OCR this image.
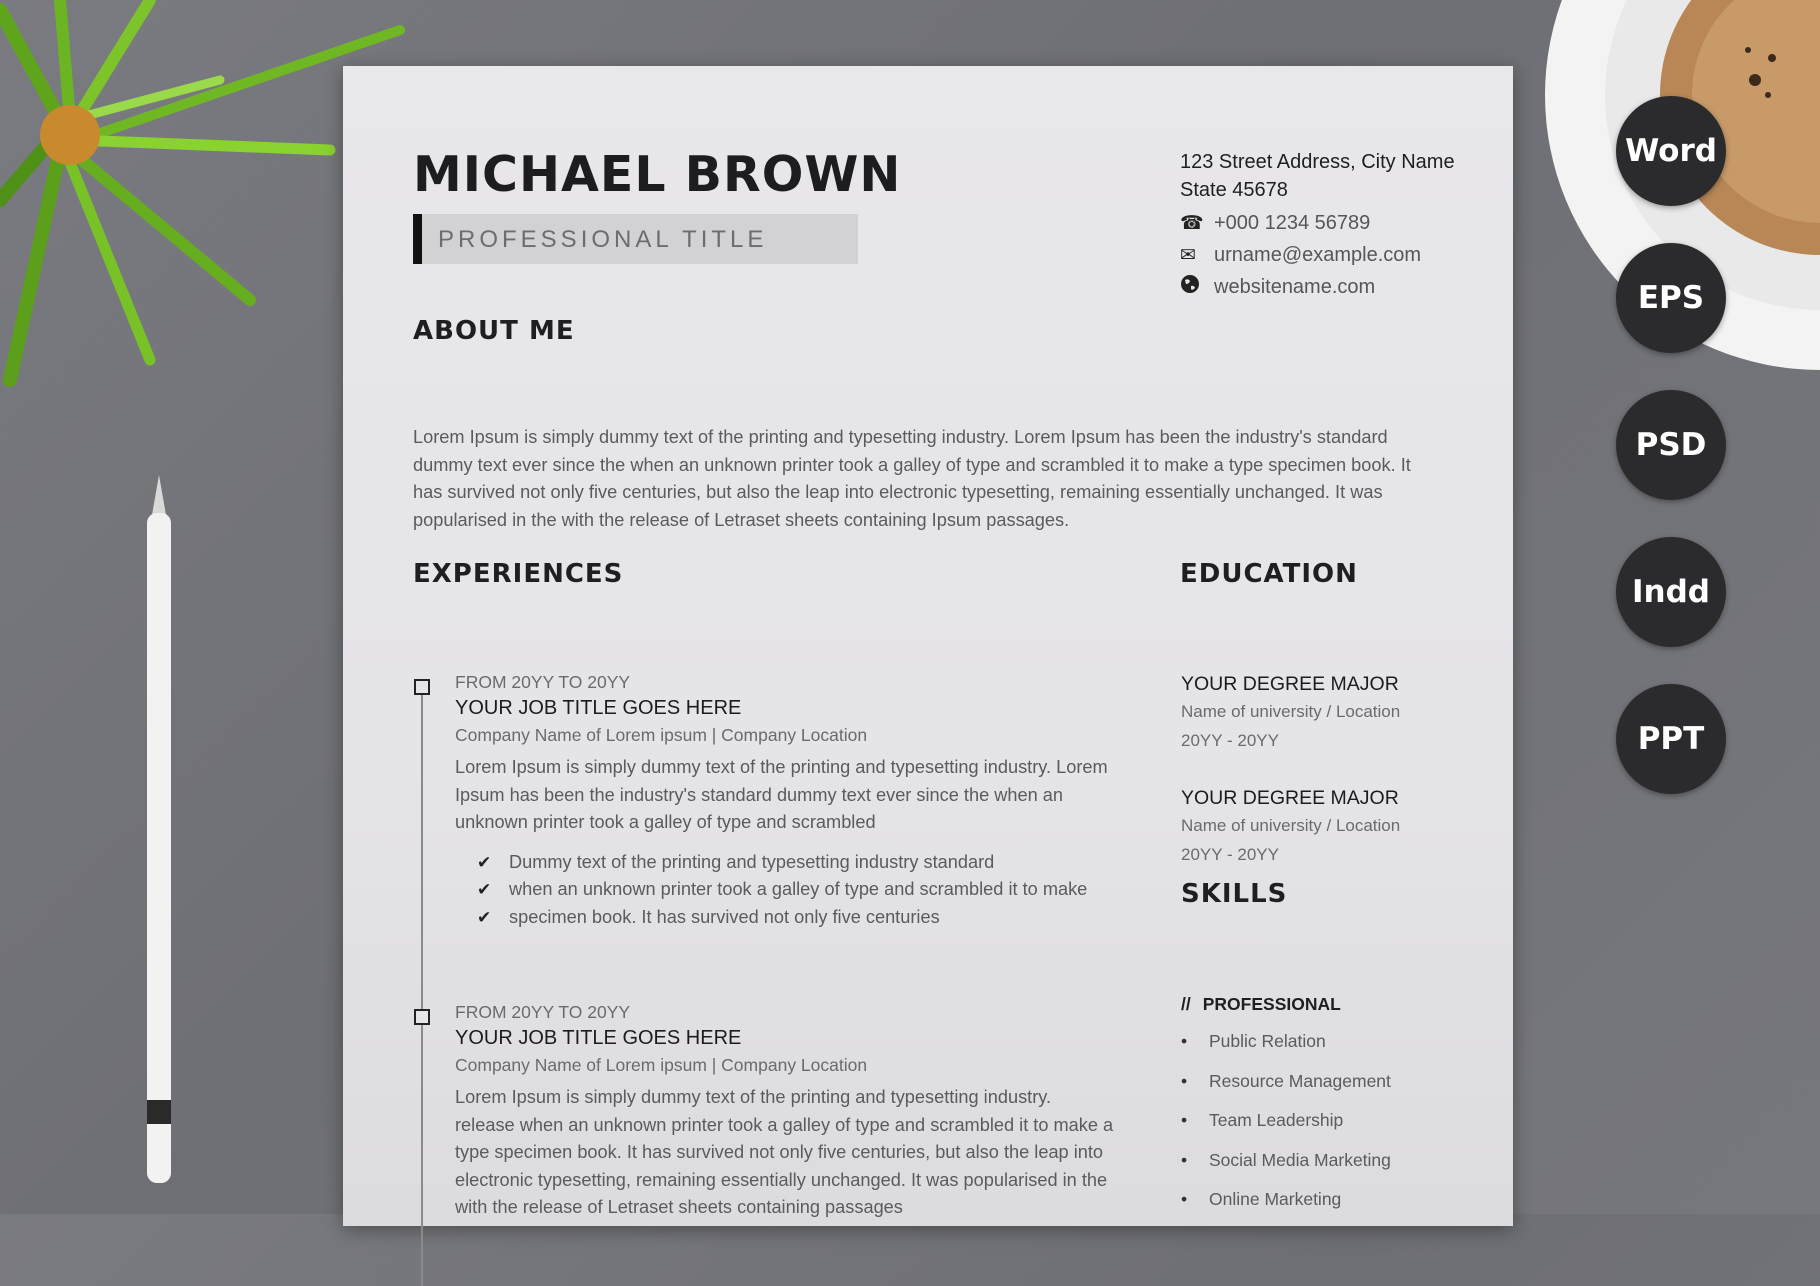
MICHAEL BROWN
PROFESSIONAL TITLE
123 Street Address, City Name
State 45678
☎ +000 1234 56789
✉ urname@example.com
websitename.com
ABOUT ME
Lorem Ipsum is simply dummy text of the printing and typesetting industry. Lorem Ipsum has been the industry's standard dummy text ever since the when an unknown printer took a galley of type and scrambled it to make a type specimen book. It has survived not only five centuries, but also the leap into electronic typesetting, remaining essentially unchanged. It was popularised in the with the release of Letraset sheets containing Ipsum passages.
EXPERIENCES
FROM 20YY TO 20YY
YOUR JOB TITLE GOES HERE
Company Name of Lorem ipsum | Company Location
Lorem Ipsum is simply dummy text of the printing and typesetting industry. Lorem Ipsum has been the industry's standard dummy text ever since the when an unknown printer took a galley of type and scrambled
✔ Dummy text of the printing and typesetting industry standard
✔ when an unknown printer took a galley of type and scrambled it to make
✔ specimen book. It has survived not only five centuries
FROM 20YY TO 20YY
YOUR JOB TITLE GOES HERE
Company Name of Lorem ipsum | Company Location
Lorem Ipsum is simply dummy text of the printing and typesetting industry. release when an unknown printer took a galley of type and scrambled it to make a type specimen book. It has survived not only five centuries, but also the leap into electronic typesetting, remaining essentially unchanged. It was popularised in the with the release of Letraset sheets containing passages
EDUCATION
YOUR DEGREE MAJOR
Name of university / Location
20YY - 20YY
YOUR DEGREE MAJOR
Name of university / Location
20YY - 20YY
SKILLS
// PROFESSIONAL
•	Public Relation
•	Resource Management
•	Team Leadership
•	Social Media Marketing
•	Online Marketing
Word
EPS
PSD
Indd
PPT
